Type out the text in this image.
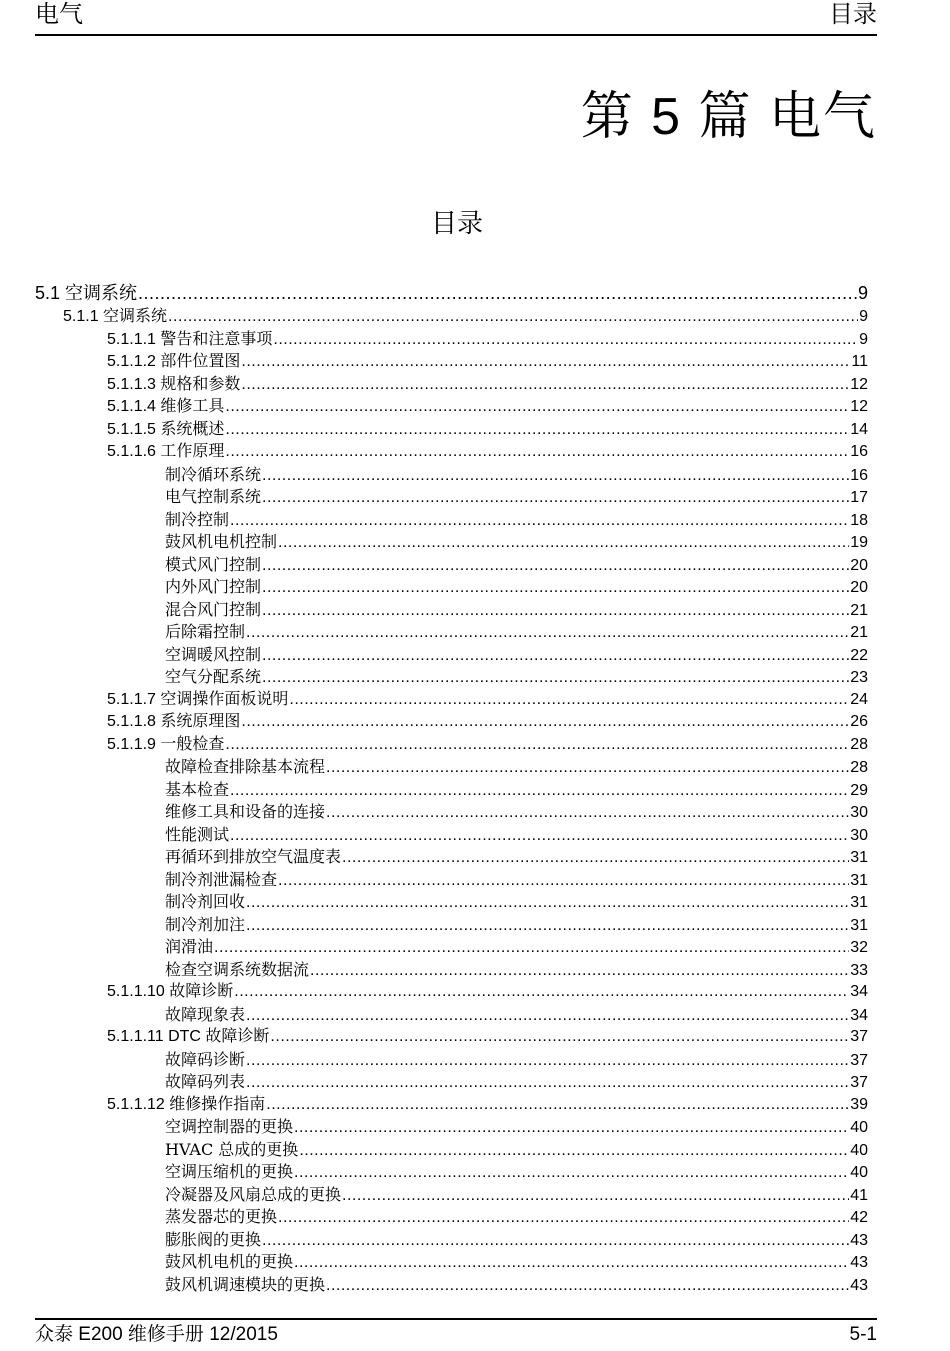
电气	目录
第 5 篇 电气
目录
5.1 空调系统 .....	9
5.1.1 空调系统 .....	9
5.1.1.1 警告和注意事项 .....	9
5.1.1.2 部件位置图 .....	11
5.1.1.3 规格和参数 .....	12
5.1.1.4 维修工具 .....	12
5.1.1.5 系统概述 .....	14
5.1.1.6 工作原理 .....	16
制冷循环系统 .....	16
电气控制系统 .....	17
制冷控制 .....	18
鼓风机电机控制 .....	19
模式风门控制 .....	20
内外风门控制 .....	20
混合风门控制 .....	21
后除霜控制 .....	21
空调暖风控制 .....	22
空气分配系统 .....	23
5.1.1.7 空调操作面板说明 .....	24
5.1.1.8 系统原理图 .....	26
5.1.1.9 一般检查 .....	28
故障检查排除基本流程 .....	28
基本检查 .....	29
维修工具和设备的连接 .....	30
性能测试 .....	30
再循环到排放空气温度表 .....	31
制冷剂泄漏检查 .....	31
制冷剂回收 .....	31
制冷剂加注 .....	31
润滑油 .....	32
检查空调系统数据流 .....	33
5.1.1.10 故障诊断 .....	34
故障现象表 .....	34
5.1.1.11 DTC 故障诊断 .....	37
故障码诊断 .....	37
故障码列表 .....	37
5.1.1.12 维修操作指南 .....	39
空调控制器的更换 .....	40
HVAC 总成的更换 .....	40
空调压缩机的更换 .....	40
冷凝器及风扇总成的更换 .....	41
蒸发器芯的更换 .....	42
膨胀阀的更换 .....	43
鼓风机电机的更换 .....	43
鼓风机调速模块的更换 .....	43
众泰 E200 维修手册 12/2015	5-1
